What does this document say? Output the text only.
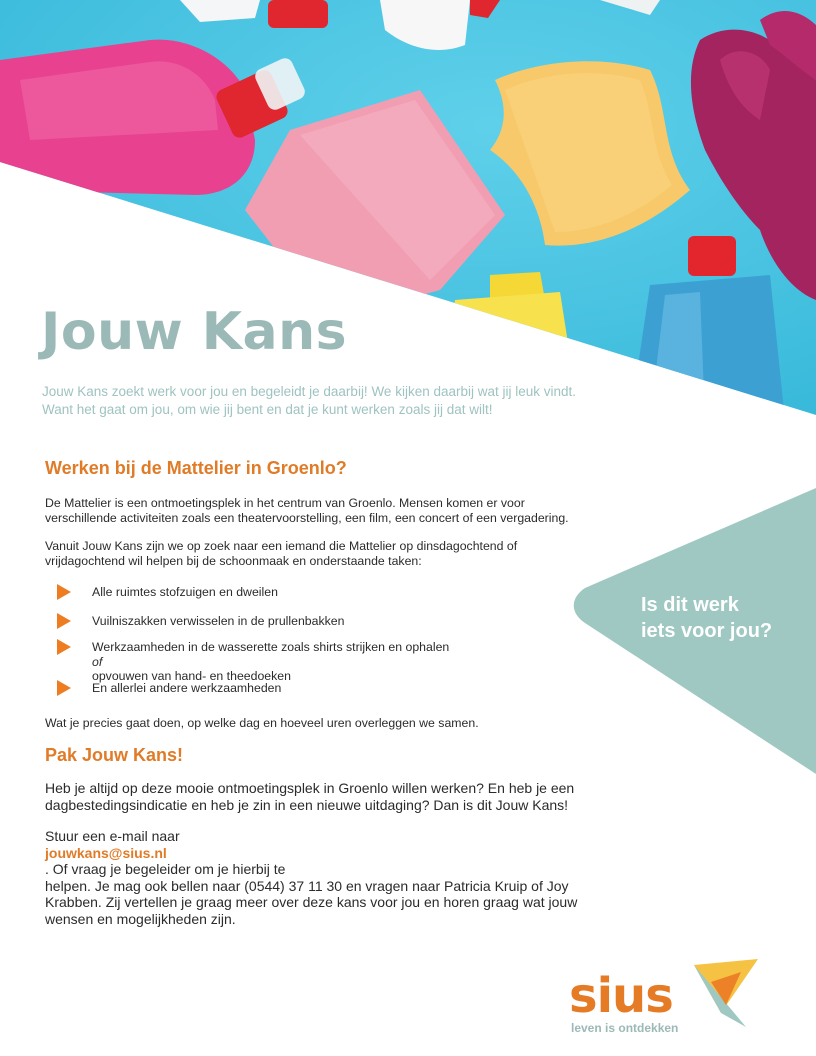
Jouw Kans

Jouw Kans zoekt werk voor jou en begeleidt je daarbij! We kijken daarbij wat jij leuk vindt.
Want het gaat om jou, om wie jij bent en dat je kunt werken zoals jij dat wilt!

Werken bij de Mattelier in Groenlo?

De Mattelier is een ontmoetingsplek in het centrum van Groenlo. Mensen komen er voor
verschillende activiteiten zoals een theatervoorstelling, een film, een concert of een vergadering.

Vanuit Jouw Kans zijn we op zoek naar een iemand die Mattelier op dinsdagochtend of
vrijdagochtend wil helpen bij de schoonmaak en onderstaande taken:

Alle ruimtes stofzuigen en dweilen
Vuilniszakken verwisselen in de prullenbakken
Werkzaamheden in de wasserette zoals shirts strijken en ophalen
of
opvouwen van hand- en theedoeken
En allerlei andere werkzaamheden

Wat je precies gaat doen, op welke dag en hoeveel uren overleggen we samen.

Pak Jouw Kans!

Heb je altijd op deze mooie ontmoetingsplek in Groenlo willen werken? En heb je een
dagbestedingsindicatie en heb je zin in een nieuwe uitdaging? Dan is dit Jouw Kans!

Stuur een e-mail naar
jouwkans@sius.nl
. Of vraag je begeleider om je hierbij te
helpen. Je mag ook bellen naar (0544) 37 11 30 en vragen naar Patricia Kruip of Joy
Krabben. Zij vertellen je graag meer over deze kans voor jou en horen graag wat jouw
wensen en mogelijkheden zijn.

Is dit werk
iets voor jou?

sius

leven is ontdekken
